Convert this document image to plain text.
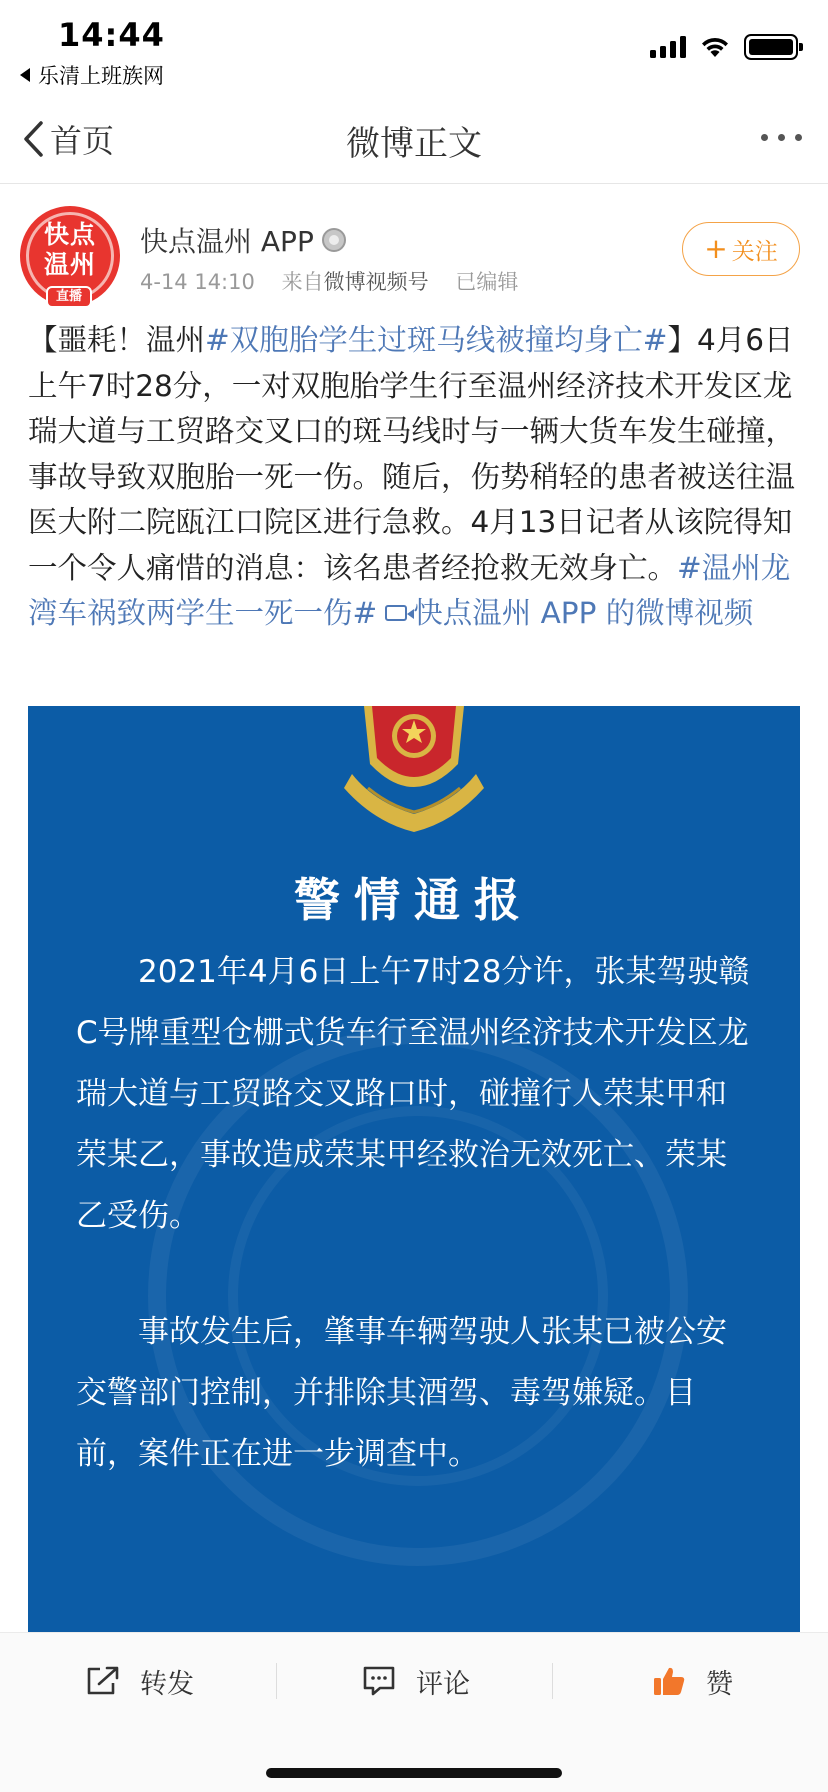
14:44
乐清上班族网
首页	微博正文
快点
温州
直播
快点温州 APP
4-14 14:10 来自微博视频号 已编辑
+ 关注
【噩耗！温州#双胞胎学生过斑马线被撞均身亡#】4月6日上午7时28分，一对双胞胎学生行至温州经济技术开发区龙瑞大道与工贸路交叉口的斑马线时与一辆大货车发生碰撞，事故导致双胞胎一死一伤。随后，伤势稍轻的患者被送往温医大附二院瓯江口院区进行急救。4月13日记者从该院得知一个令人痛惜的消息：该名患者经抢救无效身亡。#温州龙湾车祸致两学生一死一伤# 快点温州 APP 的微博视频
警情通报
2021年4月6日上午7时28分许，张某驾驶赣C号牌重型仓栅式货车行至温州经济技术开发区龙瑞大道与工贸路交叉路口时，碰撞行人荣某甲和荣某乙，事故造成荣某甲经救治无效死亡、荣某乙受伤。
事故发生后，肇事车辆驾驶人张某已被公安交警部门控制，并排除其酒驾、毒驾嫌疑。目前，案件正在进一步调查中。
转发	评论	赞
